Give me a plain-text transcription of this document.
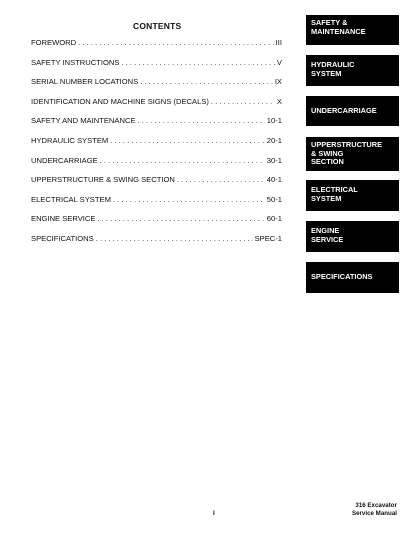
CONTENTS
FOREWORD . . .	III
SAFETY INSTRUCTIONS . . .	V
SERIAL NUMBER LOCATIONS . . .	IX
IDENTIFICATION AND MACHINE SIGNS (DECALS) . . .	X
SAFETY AND MAINTENANCE . . .	10-1
HYDRAULIC SYSTEM . . .	20-1
UNDERCARRIAGE . . .	30-1
UPPERSTRUCTURE & SWING SECTION . . .	40-1
ELECTRICAL SYSTEM . . .	50-1
ENGINE SERVICE . . .	60-1
SPECIFICATIONS . . .	SPEC-1
SAFETY &
MAINTENANCE
HYDRAULIC
SYSTEM
UNDERCARRIAGE
UPPERSTRUCTURE
& SWING
SECTION
ELECTRICAL
SYSTEM
ENGINE
SERVICE
SPECIFICATIONS
I
316 Excavator
Service Manual
